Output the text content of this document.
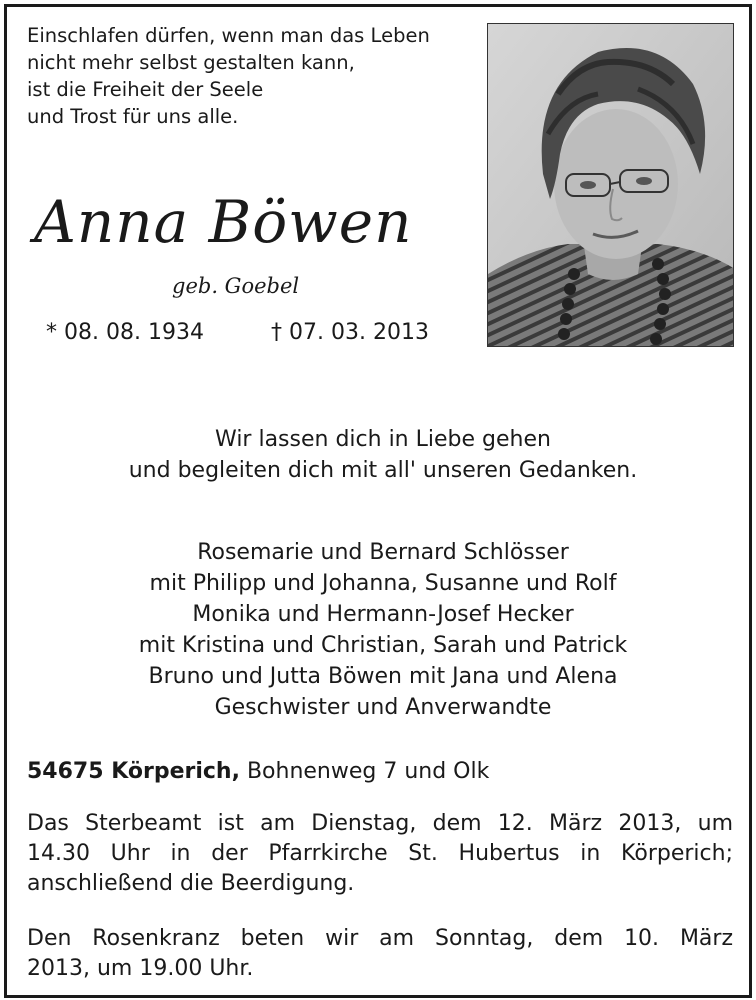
Einschlafen dürfen, wenn man das Leben
nicht mehr selbst gestalten kann,
ist die Freiheit der Seele
und Trost für uns alle.
Anna Böwen
geb. Goebel
* 08. 08. 1934	† 07. 03. 2013
Wir lassen dich in Liebe gehen
und begleiten dich mit all' unseren Gedanken.
Rosemarie und Bernard Schlösser
mit Philipp und Johanna, Susanne und Rolf
Monika und Hermann-Josef Hecker
mit Kristina und Christian, Sarah und Patrick
Bruno und Jutta Böwen mit Jana und Alena
Geschwister und Anverwandte
54675 Körperich, Bohnenweg 7 und Olk
Das Sterbeamt ist am Dienstag, dem 12. März 2013, um
14.30 Uhr in der Pfarrkirche St. Hubertus in Körperich;
anschließend die Beerdigung.
Den Rosenkranz beten wir am Sonntag, dem 10. März
2013, um 19.00 Uhr.
